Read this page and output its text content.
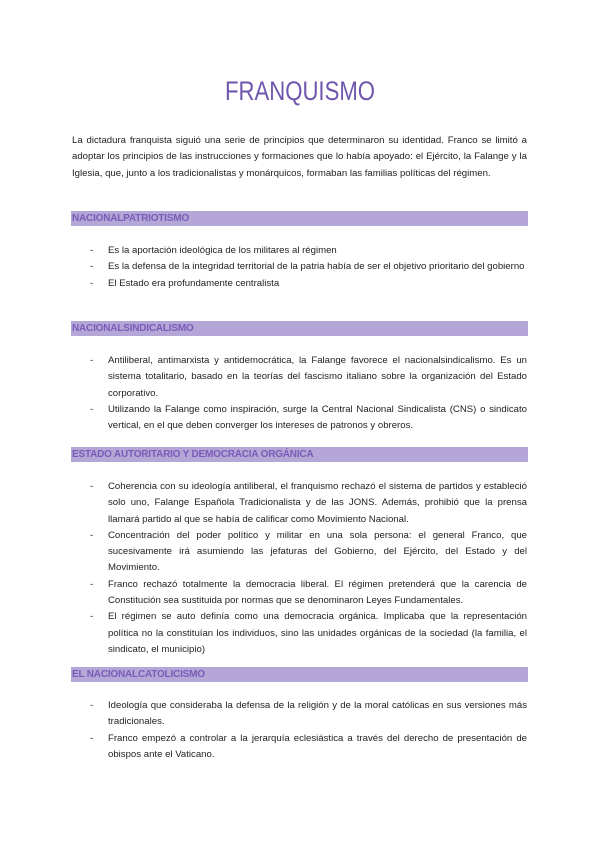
FRANQUISMO
La dictadura franquista siguió una serie de principios que determinaron su identidad. Franco se limitó a adoptar los principios de las instrucciones y formaciones que lo había apoyado: el Ejército, la Falange y la Iglesia, que, junto a los tradicionalistas y monárquicos, formaban las familias políticas del régimen.
NACIONALPATRIOTISMO
- Es la aportación ideológica de los militares al régimen
- Es la defensa de la integridad territorial de la patria había de ser el objetivo prioritario del gobierno
- El Estado era profundamente centralista
NACIONALSINDICALISMO
- Antiliberal, antimarxista y antidemocrática, la Falange favorece el nacionalsindicalismo. Es un sistema totalitario, basado en la teorías del fascismo italiano sobre la organización del Estado corporativo.
- Utilizando la Falange como inspiración, surge la Central Nacional Sindicalista (CNS) o sindicato vertical, en el que deben converger los intereses de patronos y obreros.
ESTADO AUTORITARIO Y DEMOCRACIA ORGÁNICA
- Coherencia con su ideología antiliberal, el franquismo rechazó el sistema de partidos y estableció solo uno, Falange Española Tradicionalista y de las JONS. Además, prohibió que la prensa llamará partido al que se había de calificar como Movimiento Nacional.
- Concentración del poder político y militar en una sola persona: el general Franco, que sucesivamente irá asumiendo las jefaturas del Gobierno, del Ejército, del Estado y del Movimiento.
- Franco rechazó totalmente la democracia liberal. El régimen pretenderá que la carencia de Constitución sea sustituida por normas que se denominaron Leyes Fundamentales.
- El régimen se auto definía como una democracia orgánica. Implicaba que la representación política no la constituían los individuos, sino las unidades orgánicas de la sociedad (la familia, el sindicato, el municipio)
EL NACIONALCATOLICISMO
- Ideología que consideraba la defensa de la religión y de la moral católicas en sus versiones más tradicionales.
- Franco empezó a controlar a la jerarquía eclesiástica a través del derecho de presentación de obispos ante el Vaticano.
